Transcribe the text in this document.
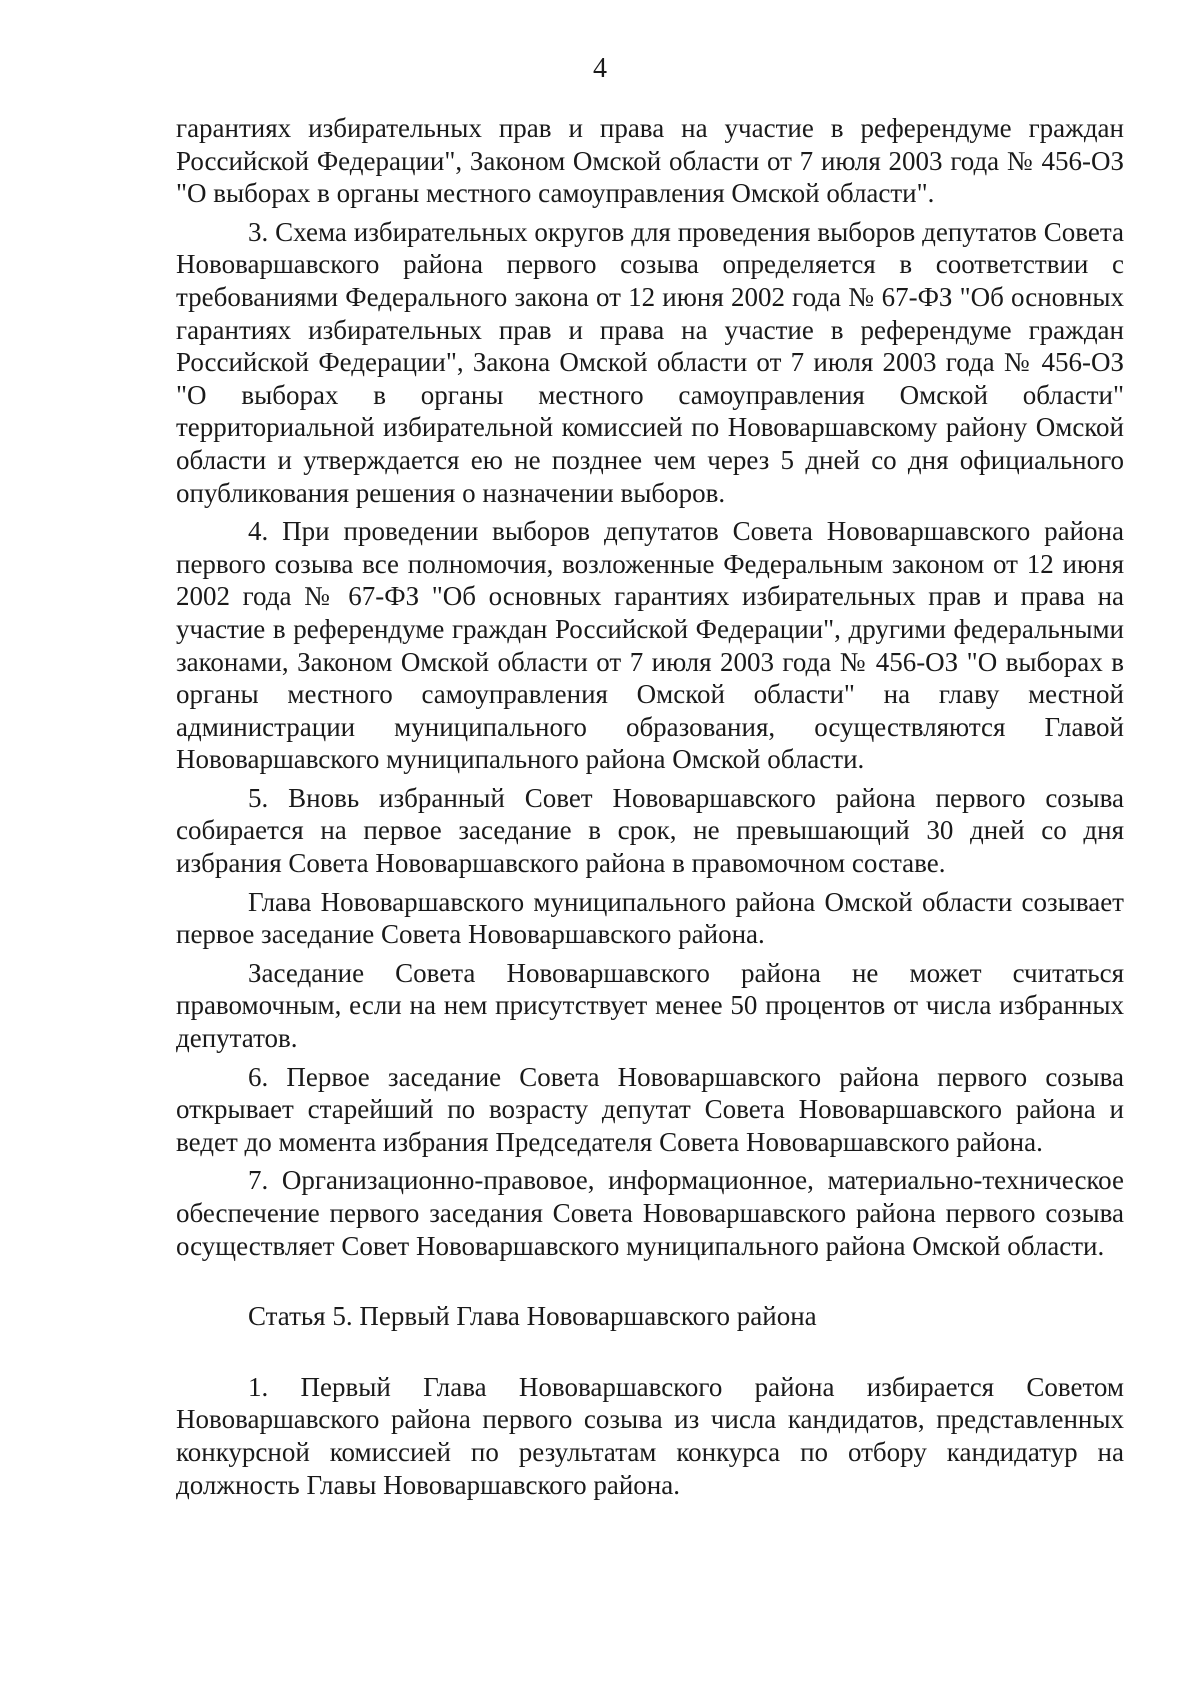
4

гарантиях избирательных прав и права на участие в референдуме граждан Российской Федерации", Законом Омской области от 7 июля 2003 года № 456-ОЗ "О выборах в органы местного самоуправления Омской области".

3. Схема избирательных округов для проведения выборов депутатов Совета Нововаршавского района первого созыва определяется в соответствии с требованиями Федерального закона от 12 июня 2002 года № 67-ФЗ "Об основных гарантиях избирательных прав и права на участие в референдуме граждан Российской Федерации", Закона Омской области от 7 июля 2003 года № 456-ОЗ "О выборах в органы местного самоуправления Омской области" территориальной избирательной комиссией по Нововаршавскому району Омской области и утверждается ею не позднее чем через 5 дней со дня официального опубликования решения о назначении выборов.

4. При проведении выборов депутатов Совета Нововаршавского района первого созыва все полномочия, возложенные Федеральным законом от 12 июня 2002 года № 67-ФЗ "Об основных гарантиях избирательных прав и права на участие в референдуме граждан Российской Федерации", другими федеральными законами, Законом Омской области от 7 июля 2003 года № 456-ОЗ "О выборах в органы местного самоуправления Омской области" на главу местной администрации муниципального образования, осуществляются Главой Нововаршавского муниципального района Омской области.

5. Вновь избранный Совет Нововаршавского района первого созыва собирается на первое заседание в срок, не превышающий 30 дней со дня избрания Совета Нововаршавского района в правомочном составе.

Глава Нововаршавского муниципального района Омской области созывает первое заседание Совета Нововаршавского района.

Заседание Совета Нововаршавского района не может считаться правомочным, если на нем присутствует менее 50 процентов от числа избранных депутатов.

6. Первое заседание Совета Нововаршавского района первого созыва открывает старейший по возрасту депутат Совета Нововаршавского района и ведет до момента избрания Председателя Совета Нововаршавского района.

7. Организационно-правовое, информационное, материально-техническое обеспечение первого заседания Совета Нововаршавского района первого созыва осуществляет Совет Нововаршавского муниципального района Омской области.

Статья 5. Первый Глава Нововаршавского района

1. Первый Глава Нововаршавского района избирается Советом Нововаршавского района первого созыва из числа кандидатов, представленных конкурсной комиссией по результатам конкурса по отбору кандидатур на должность Главы Нововаршавского района.
